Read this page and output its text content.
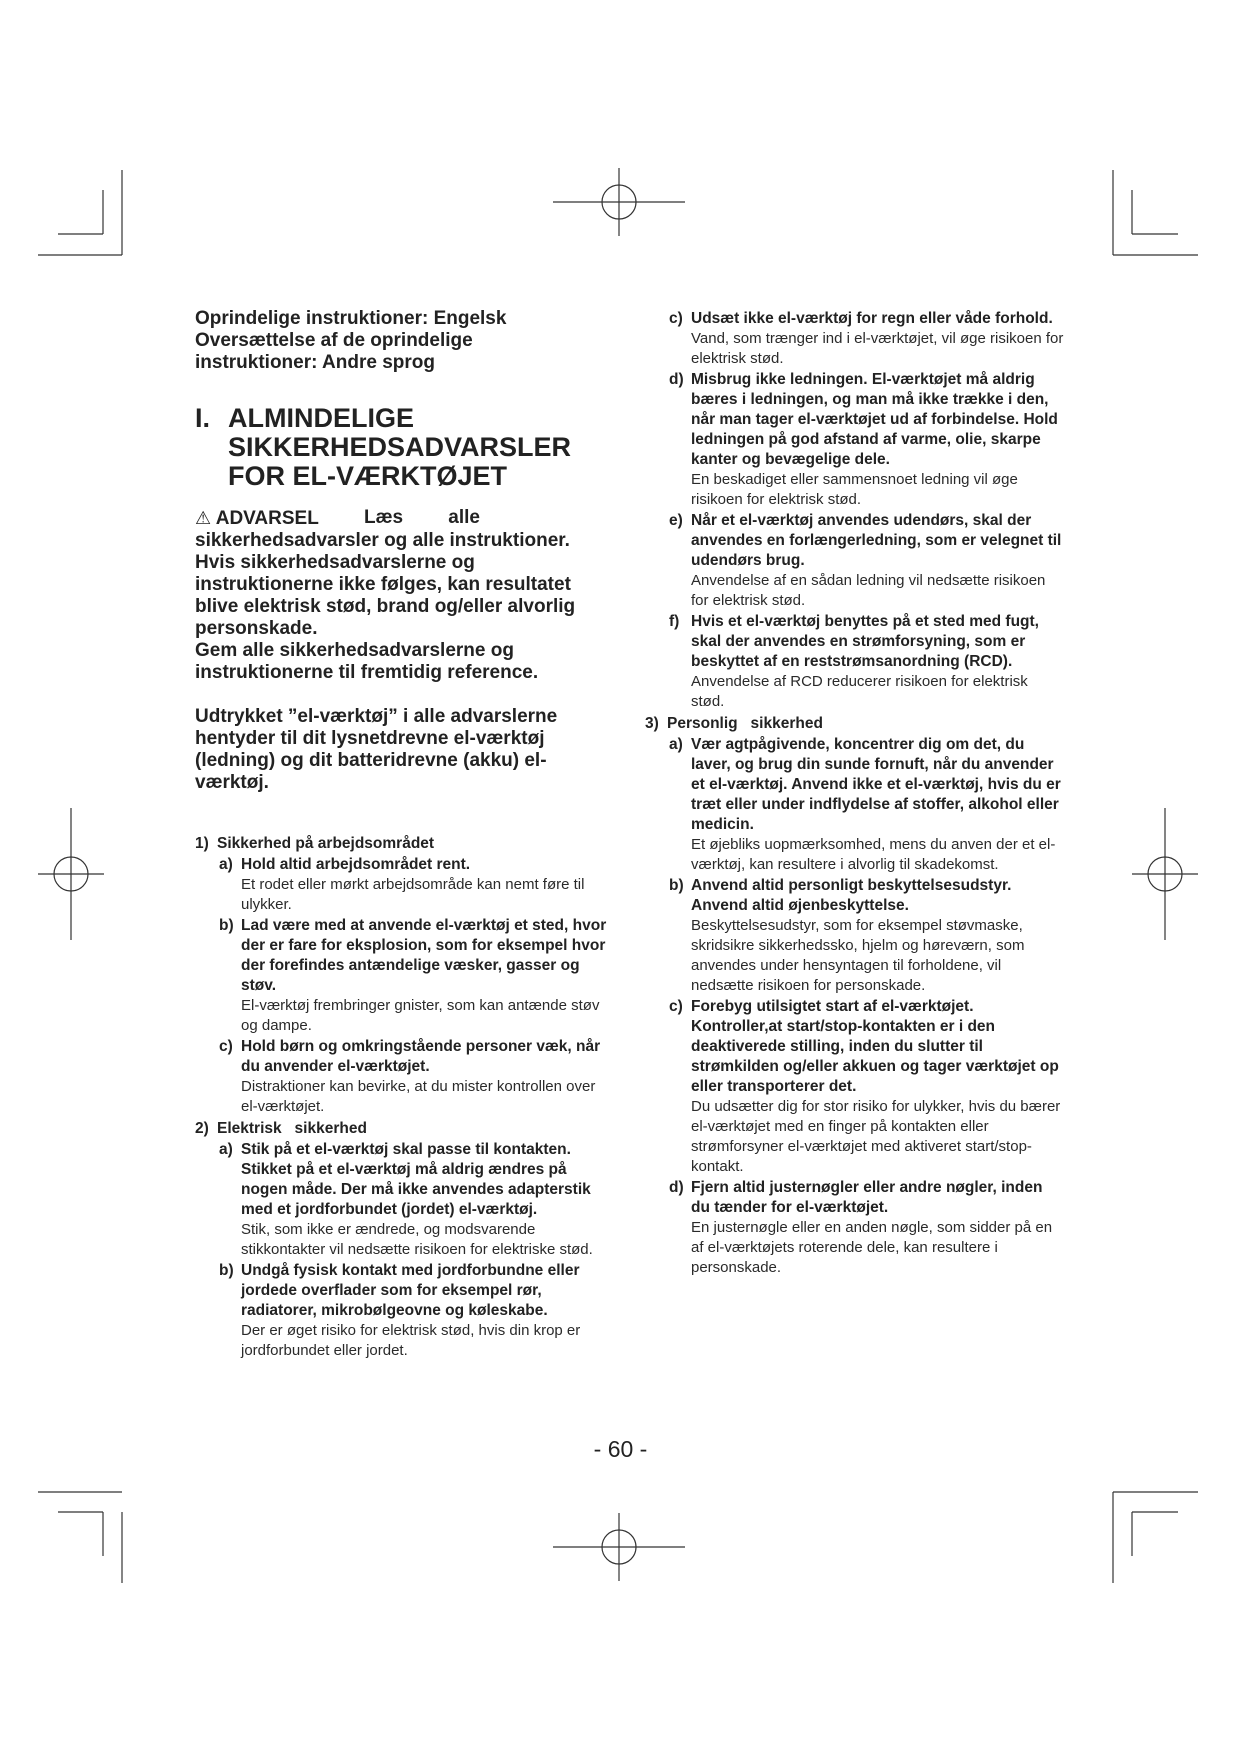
Oprindelige instruktioner: Engelsk

Oversættelse af de oprindelige

instruktioner: Andre sprog

I. ALMINDELIGE
SIKKERHEDSADVARSLER
FOR EL-VÆRKTØJET
⚠ ADVARSEL Læs alle
sikkerhedsadvarsler og alle instruktioner. Hvis sikkerhedsadvarslerne og instruktionerne ikke følges, kan resultatet blive elektrisk stød, brand og/eller alvorlig personskade.
Gem alle sikkerhedsadvarslerne og instruktionerne til fremtidig reference.
Udtrykket ”el-værktøj” i alle advarslerne hentyder til dit lysnetdrevne el-værktøj (ledning) og dit batteridrevne (akku) el-værktøj.
1) Sikkerhed på arbejdsområdet
a) Hold altid arbejdsområdet rent.
Et rodet eller mørkt arbejdsområde kan nemt føre til ulykker.
b) Lad være med at anvende el-værktøj et sted, hvor der er fare for eksplosion, som for eksempel hvor der forefindes antændelige væsker, gasser og støv.
El-værktøj frembringer gnister, som kan antænde støv og dampe.
c) Hold børn og omkringstående personer væk, når du anvender el-værktøjet.
Distraktioner kan bevirke, at du mister kontrollen over el-værktøjet.
2) Elektrisk   sikkerhed
a) Stik på et el-værktøj skal passe til kontakten. Stikket på et el-værktøj må aldrig ændres på nogen måde. Der må ikke anvendes adapterstik med et jordforbundet (jordet) el-værktøj.
Stik, som ikke er ændrede, og modsvarende stikkontakter vil nedsætte risikoen for elektriske stød.
b) Undgå fysisk kontakt med jordforbundne eller jordede overflader som for eksempel rør, radiatorer, mikrobølgeovne og køleskabe.
Der er øget risiko for elektrisk stød, hvis din krop er jordforbundet eller jordet.
c) Udsæt ikke el-værktøj for regn eller våde forhold.
Vand, som trænger ind i el-værktøjet, vil øge risikoen for elektrisk stød.
d) Misbrug ikke ledningen. El-værktøjet må aldrig bæres i ledningen, og man må ikke trække i den, når man tager el-værktøjet ud af forbindelse. Hold ledningen på god afstand af varme, olie, skarpe kanter og bevægelige dele.
En beskadiget eller sammensnoet ledning vil øge risikoen for elektrisk stød.
e) Når et el-værktøj anvendes udendørs, skal der anvendes en forlængerledning, som er velegnet til udendørs brug.
Anvendelse af en sådan ledning vil nedsætte risikoen for elektrisk stød.
f) Hvis et el-værktøj benyttes på et sted med fugt, skal der anvendes en strømforsyning, som er beskyttet af en reststrømsanordning (RCD).
Anvendelse af RCD reducerer risikoen for elektrisk stød.
3) Personlig   sikkerhed
a) Vær agtpågivende, koncentrer dig om det, du laver, og brug din sunde fornuft, når du anvender et el-værktøj. Anvend ikke et el-værktøj, hvis du er træt eller under indflydelse af stoffer, alkohol eller medicin.
Et øjebliks uopmærksomhed, mens du anven der et el-værktøj, kan resultere i alvorlig til skadekomst.
b) Anvend altid personligt beskyttelsesudstyr. Anvend altid øjenbeskyttelse.
Beskyttelsesudstyr, som for eksempel støvmaske, skridsikre sikkerhedssko, hjelm og høreværn, som anvendes under hensyntagen til forholdene, vil nedsætte risikoen for personskade.
c) Forebyg utilsigtet start af el-værktøjet. Kontroller,at start/stop-kontakten er i den deaktiverede stilling, inden du slutter til strømkilden og/eller akkuen og tager værktøjet op eller transporterer det.
Du udsætter dig for stor risiko for ulykker, hvis du bærer el-værktøjet med en finger på kontakten eller strømforsyner el-værktøjet med aktiveret start/stop-kontakt.
d) Fjern altid justernøgler eller andre nøgler, inden du tænder for el-værktøjet.
En justernøgle eller en anden nøgle, som sidder på en af el-værktøjets roterende dele, kan resultere i personskade.
- 60 -
